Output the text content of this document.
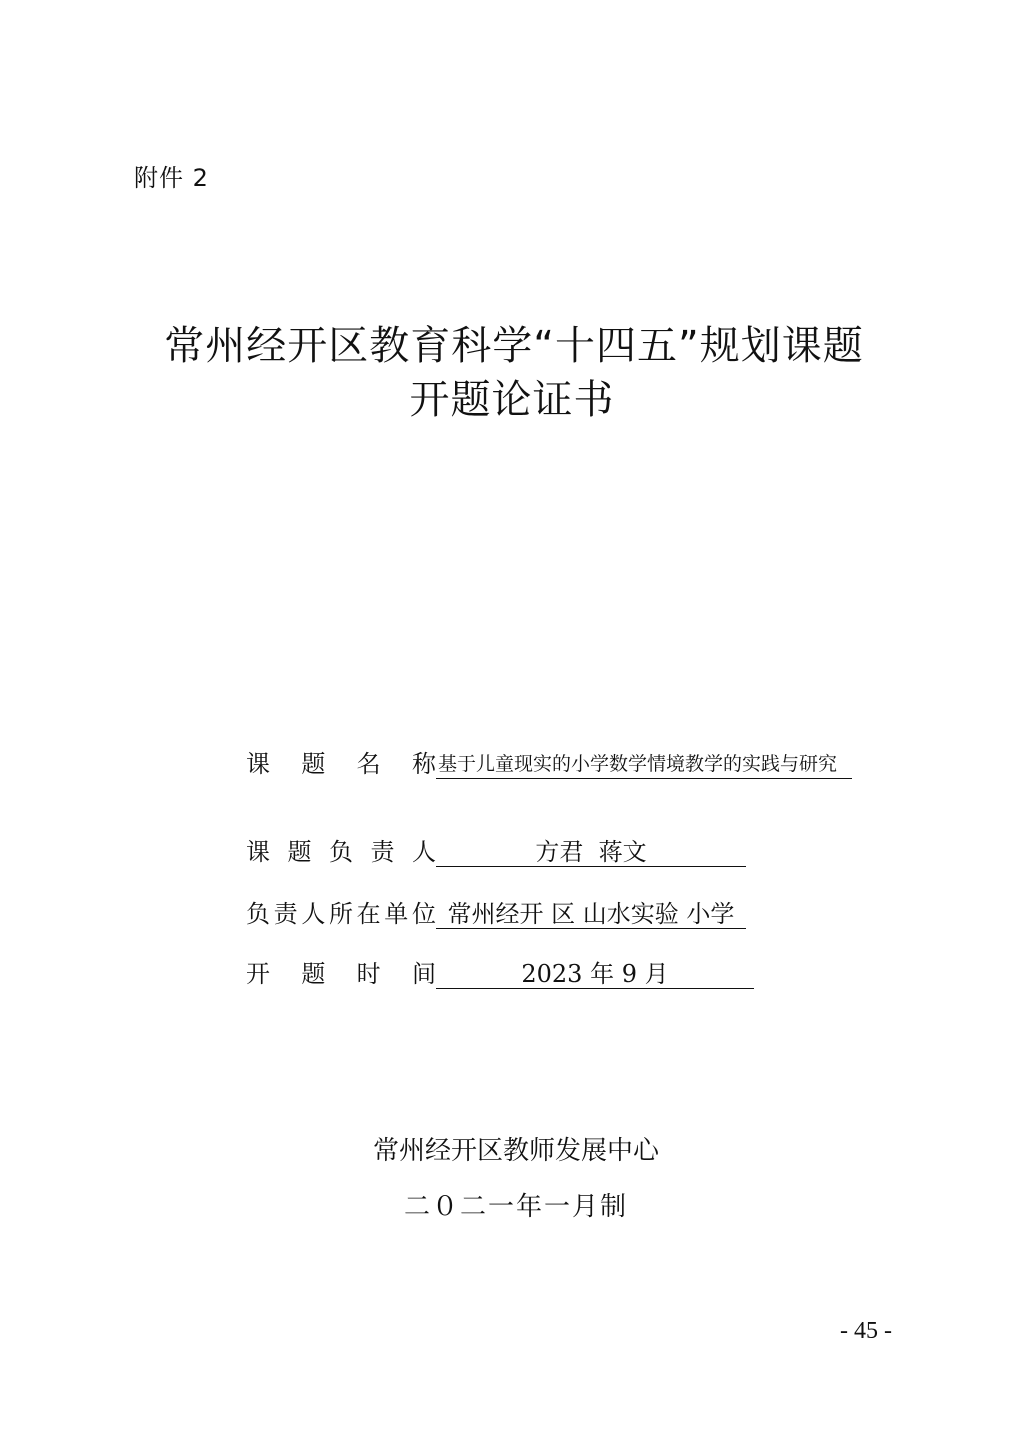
附件 2
常州经开区教育科学“十四五”规划课题
开题论证书
课 题 名 称 基于儿童现实的小学数学情境教学的实践与研究
课 题 负 责 人	方君  蒋文
负 责 人 所 在 单 位 常州经开 区 山水实验 小学
开 题 时 间	2023 年 9 月
常州经开区教师发展中心
二０二一年一月制
- 45 -
